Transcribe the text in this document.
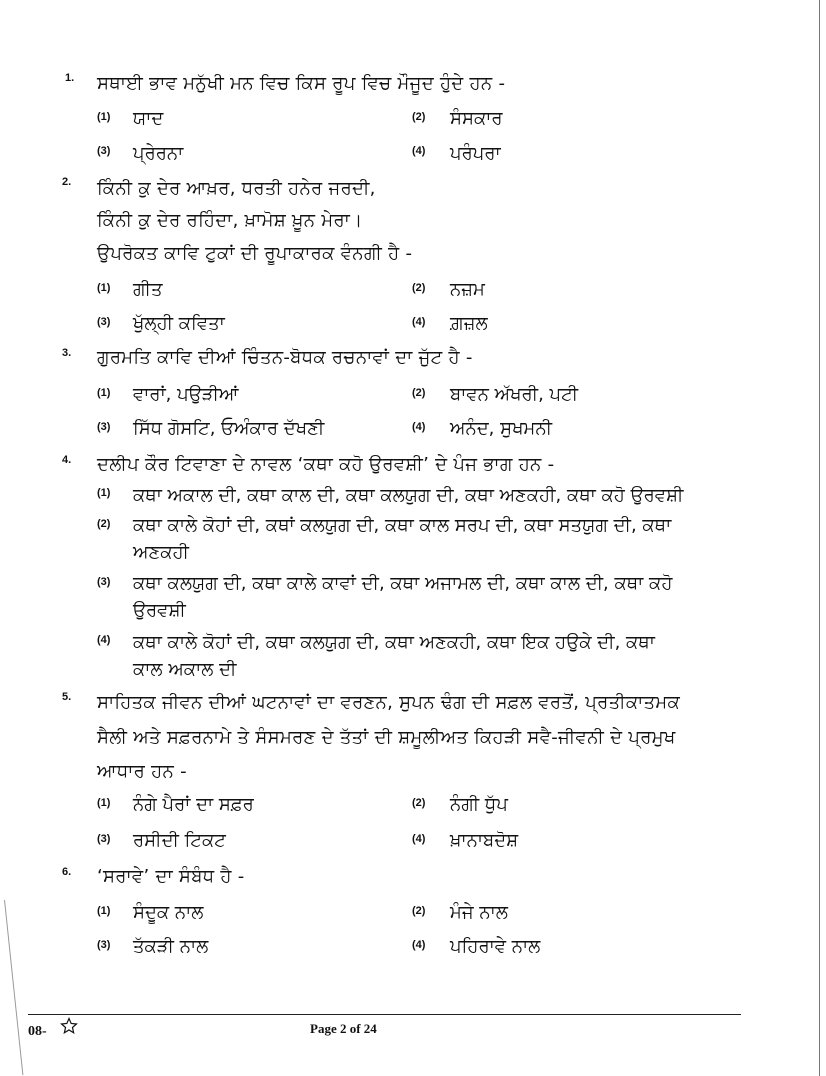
1. ਸਥਾਈ ਭਾਵ ਮਨੁੱਖੀ ਮਨ ਵਿਚ ਕਿਸ ਰੂਪ ਵਿਚ ਮੌਜੂਦ ਹੁੰਦੇ ਹਨ -
(1) ਯਾਦ	(2) ਸੰਸਕਾਰ
(3) ਪ੍ਰੇਰਨਾ	(4) ਪਰੰਪਰਾ
2. ਕਿੰਨੀ ਕੁ ਦੇਰ ਆਖ਼ਰ, ਧਰਤੀ ਹਨੇਰ ਜਰਦੀ,
ਕਿੰਨੀ ਕੁ ਦੇਰ ਰਹਿੰਦਾ, ਖ਼ਾਮੋਸ਼ ਖ਼ੂਨ ਮੇਰਾ।
ਉਪਰੋਕਤ ਕਾਵਿ ਟੁਕਾਂ ਦੀ ਰੂਪਾਕਾਰਕ ਵੰਨਗੀ ਹੈ -
(1) ਗੀਤ	(2) ਨਜ਼ਮ
(3) ਖੁੱਲ੍ਹੀ ਕਵਿਤਾ	(4) ਗ਼ਜ਼ਲ
3. ਗੁਰਮਤਿ ਕਾਵਿ ਦੀਆਂ ਚਿੰਤਨ-ਬੋਧਕ ਰਚਨਾਵਾਂ ਦਾ ਜੁੱਟ ਹੈ -
(1) ਵਾਰਾਂ, ਪਉੜੀਆਂ	(2) ਬਾਵਨ ਅੱਖਰੀ, ਪਟੀ
(3) ਸਿੱਧ ਗੋਸਟਿ, ਓਅੰਕਾਰ ਦੱਖਣੀ	(4) ਅਨੰਦ, ਸੁਖਮਨੀ
4. ਦਲੀਪ ਕੌਰ ਟਿਵਾਣਾ ਦੇ ਨਾਵਲ ‘ਕਥਾ ਕਹੋ ਉਰਵਸ਼ੀ’ ਦੇ ਪੰਜ ਭਾਗ ਹਨ -
(1) ਕਥਾ ਅਕਾਲ ਦੀ, ਕਥਾ ਕਾਲ ਦੀ, ਕਥਾ ਕਲਯੁਗ ਦੀ, ਕਥਾ ਅਣਕਹੀ, ਕਥਾ ਕਹੋ ਉਰਵਸ਼ੀ
(2) ਕਥਾ ਕਾਲੇ ਕੋਹਾਂ ਦੀ, ਕਥਾਂ ਕਲਯੁਗ ਦੀ, ਕਥਾ ਕਾਲ ਸਰਪ ਦੀ, ਕਥਾ ਸਤਯੁਗ ਦੀ, ਕਥਾ
ਅਣਕਹੀ
(3) ਕਥਾ ਕਲਯੁਗ ਦੀ, ਕਥਾ ਕਾਲੇ ਕਾਵਾਂ ਦੀ, ਕਥਾ ਅਜਾਮਲ ਦੀ, ਕਥਾ ਕਾਲ ਦੀ, ਕਥਾ ਕਹੋ
ਉਰਵਸ਼ੀ
(4) ਕਥਾ ਕਾਲੇ ਕੋਹਾਂ ਦੀ, ਕਥਾ ਕਲਯੁਗ ਦੀ, ਕਥਾ ਅਣਕਹੀ, ਕਥਾ ਇਕ ਹਉਕੇ ਦੀ, ਕਥਾ
ਕਾਲ ਅਕਾਲ ਦੀ
5. ਸਾਹਿਤਕ ਜੀਵਨ ਦੀਆਂ ਘਟਨਾਵਾਂ ਦਾ ਵਰਣਨ, ਸੁਪਨ ਢੰਗ ਦੀ ਸਫ਼ਲ ਵਰਤੋਂ, ਪ੍ਰਤੀਕਾਤਮਕ
ਸੈਲੀ ਅਤੇ ਸਫ਼ਰਨਾਮੇ ਤੇ ਸੰਸਮਰਣ ਦੇ ਤੱਤਾਂ ਦੀ ਸ਼ਮੂਲੀਅਤ ਕਿਹੜੀ ਸਵੈ-ਜੀਵਨੀ ਦੇ ਪ੍ਰਮੁਖ
ਆਧਾਰ ਹਨ -
(1) ਨੰਗੇ ਪੈਰਾਂ ਦਾ ਸਫ਼ਰ	(2) ਨੰਗੀ ਧੁੱਪ
(3) ਰਸੀਦੀ ਟਿਕਟ	(4) ਖ਼ਾਨਾਬਦੋਸ਼
6. ‘ਸਰਾਵੇ’ ਦਾ ਸੰਬੰਧ ਹੈ -
(1) ਸੰਦੂਕ ਨਾਲ	(2) ਮੰਜੇ ਨਾਲ
(3) ਤੱਕੜੀ ਨਾਲ	(4) ਪਹਿਰਾਵੇ ਨਾਲ
08-	Page 2 of 24
